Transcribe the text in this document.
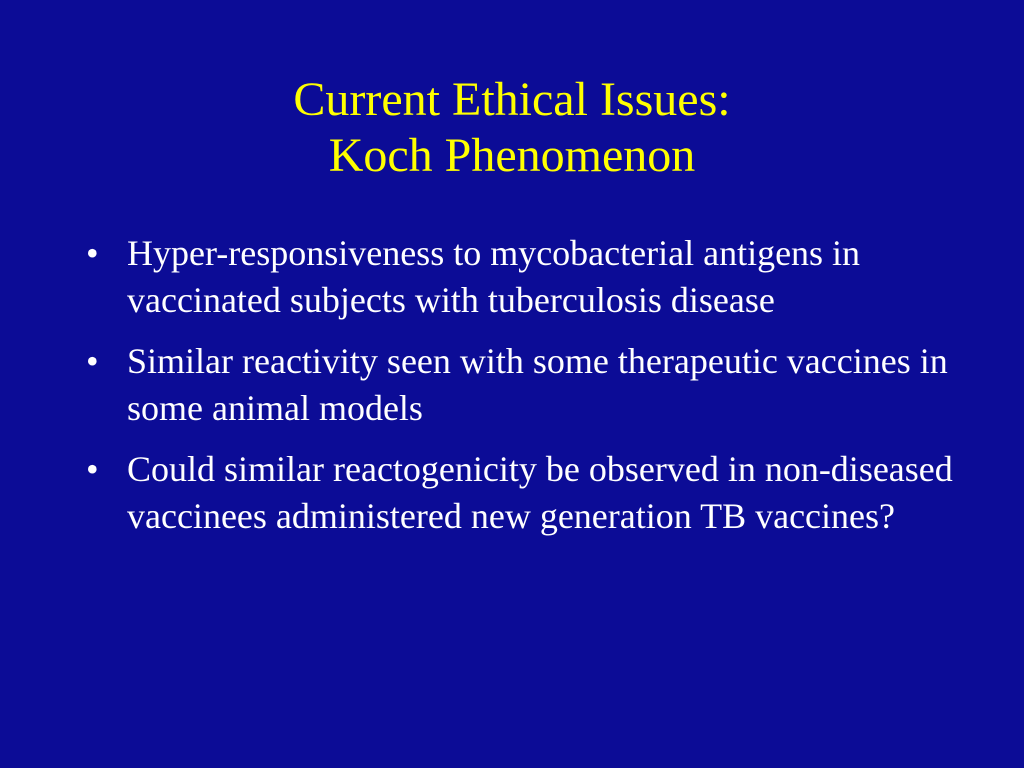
Current Ethical Issues:
Koch Phenomenon
• Hyper-responsiveness to mycobacterial antigens in vaccinated subjects with tuberculosis disease
• Similar reactivity seen with some therapeutic vaccines in some animal models
• Could similar reactogenicity be observed in non-diseased vaccinees administered new generation TB vaccines?
